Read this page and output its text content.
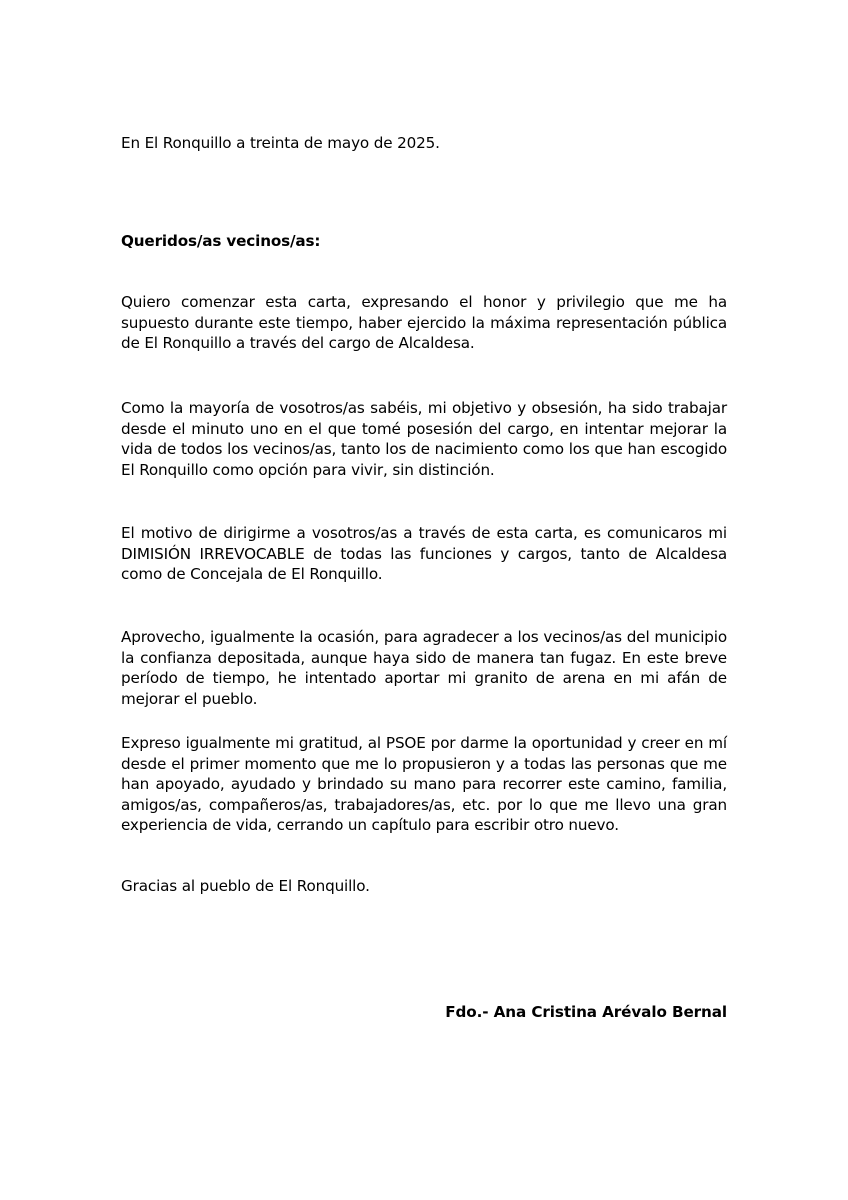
En El Ronquillo a treinta de mayo de 2025.
Queridos/as vecinos/as:
Quiero comenzar esta carta, expresando el honor y privilegio que me ha supuesto durante este tiempo, haber ejercido la máxima representación pública de El Ronquillo a través del cargo de Alcaldesa.
Como la mayoría de vosotros/as sabéis, mi objetivo y obsesión, ha sido trabajar desde el minuto uno en el que tomé posesión del cargo, en intentar mejorar la vida de todos los vecinos/as, tanto los de nacimiento como los que han escogido El Ronquillo como opción para vivir, sin distinción.
El motivo de dirigirme a vosotros/as a través de esta carta, es comunicaros mi DIMISIÓN IRREVOCABLE de todas las funciones y cargos, tanto de Alcaldesa como de Concejala de El Ronquillo.
Aprovecho, igualmente la ocasión, para agradecer a los vecinos/as del municipio la confianza depositada, aunque haya sido de manera tan fugaz. En este breve período de tiempo, he intentado aportar mi granito de arena en mi afán de mejorar el pueblo.
Expreso igualmente mi gratitud, al PSOE por darme la oportunidad y creer en mí desde el primer momento que me lo propusieron y a todas las personas que me han apoyado, ayudado y brindado su mano para recorrer este camino, familia, amigos/as, compañeros/as, trabajadores/as, etc. por lo que me llevo una gran experiencia de vida, cerrando un capítulo para escribir otro nuevo.
Gracias al pueblo de El Ronquillo.
Fdo.- Ana Cristina Arévalo Bernal
